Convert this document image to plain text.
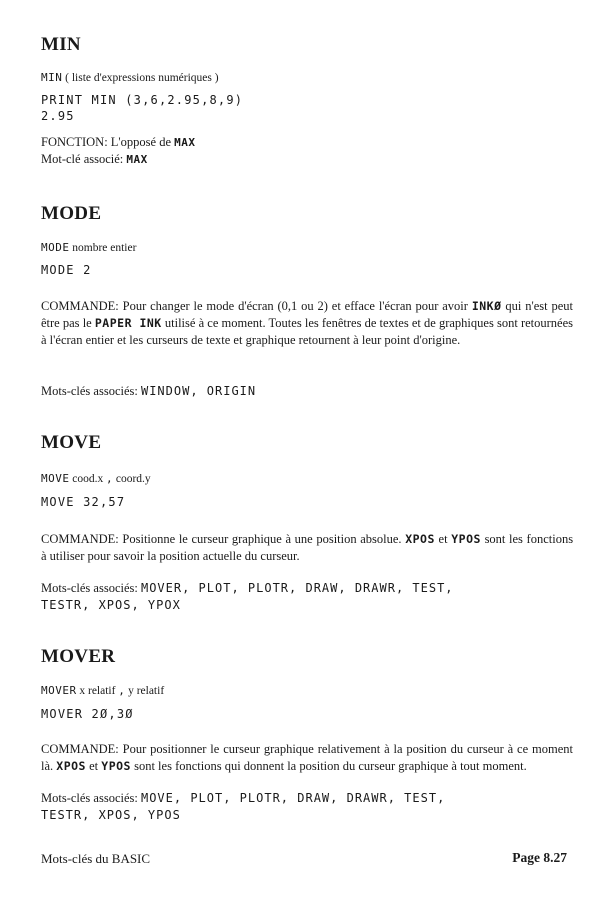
MIN

MIN ( liste d'expressions numériques )

PRINT MIN (3,6,2.95,8,9)

2.95

FONCTION: L'opposé de MAX

Mot-clé associé: MAX

MODE

MODE nombre entier

MODE 2

COMMANDE: Pour changer le mode d'écran (0,1 ou 2) et efface l'écran pour avoir INKØ qui n'est peut être pas le PAPER INK utilisé à ce moment. Toutes les fenêtres de textes et de graphiques sont retournées à l'écran entier et les curseurs de texte et graphique retournent à leur point d'origine.

Mots-clés associés: WINDOW, ORIGIN

MOVE

MOVE cood.x , coord.y

MOVE 32,57

COMMANDE: Positionne le curseur graphique à une position absolue. XPOS et YPOS sont les fonctions à utiliser pour savoir la position actuelle du curseur.

Mots-clés associés: MOVER, PLOT, PLOTR, DRAW, DRAWR, TEST,

TESTR, XPOS, YPOX

MOVER

MOVER x relatif , y relatif

MOVER 2Ø,3Ø

COMMANDE: Pour positionner le curseur graphique relativement à la position du curseur à ce moment là. XPOS et YPOS sont les fonctions qui donnent la position du curseur graphique à tout moment.

Mots-clés associés: MOVE, PLOT, PLOTR, DRAW, DRAWR, TEST,

TESTR, XPOS, YPOS

Mots-clés du BASIC	Page 8.27
